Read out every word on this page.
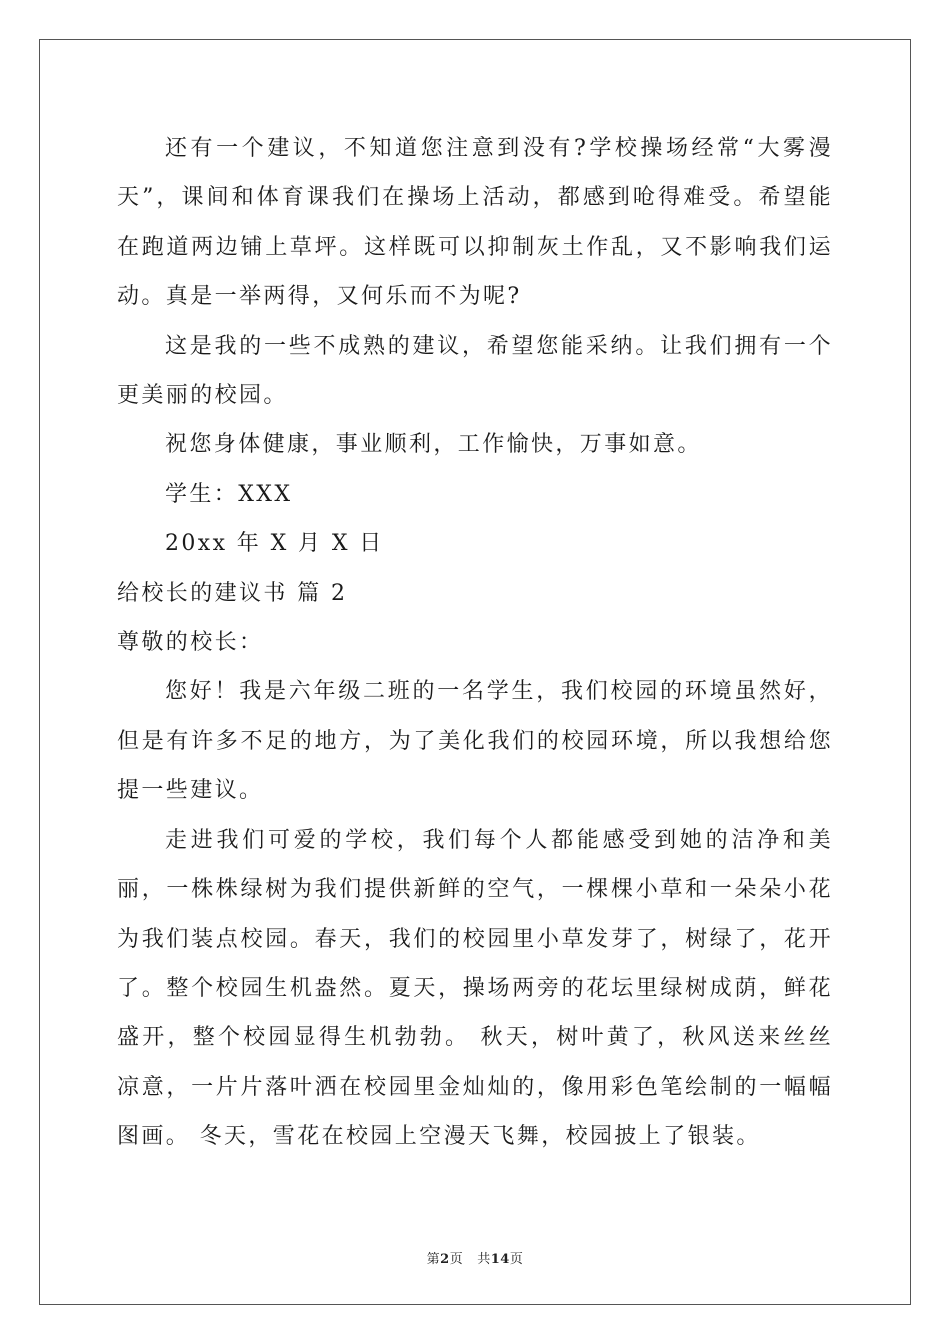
还有一个建议，不知道您注意到没有?学校操场经常“大雾漫天”，课间和体育课我们在操场上活动，都感到呛得难受。希望能在跑道两边铺上草坪。这样既可以抑制灰土作乱，又不影响我们运动。真是一举两得，又何乐而不为呢?

这是我的一些不成熟的建议，希望您能采纳。让我们拥有一个更美丽的校园。

祝您身体健康，事业顺利，工作愉快，万事如意。

学生：XXX

20xx 年 X 月 X 日

给校长的建议书 篇 2

尊敬的校长：

您好！我是六年级二班的一名学生，我们校园的环境虽然好，但是有许多不足的地方，为了美化我们的校园环境，所以我想给您提一些建议。

走进我们可爱的学校，我们每个人都能感受到她的洁净和美丽，一株株绿树为我们提供新鲜的空气，一棵棵小草和一朵朵小花为我们装点校园。春天，我们的校园里小草发芽了，树绿了，花开了。整个校园生机盎然。夏天，操场两旁的花坛里绿树成荫，鲜花盛开，整个校园显得生机勃勃。 秋天，树叶黄了，秋风送来丝丝凉意，一片片落叶洒在校园里金灿灿的，像用彩色笔绘制的一幅幅图画。 冬天，雪花在校园上空漫天飞舞，校园披上了银装。

第2页 共14页
